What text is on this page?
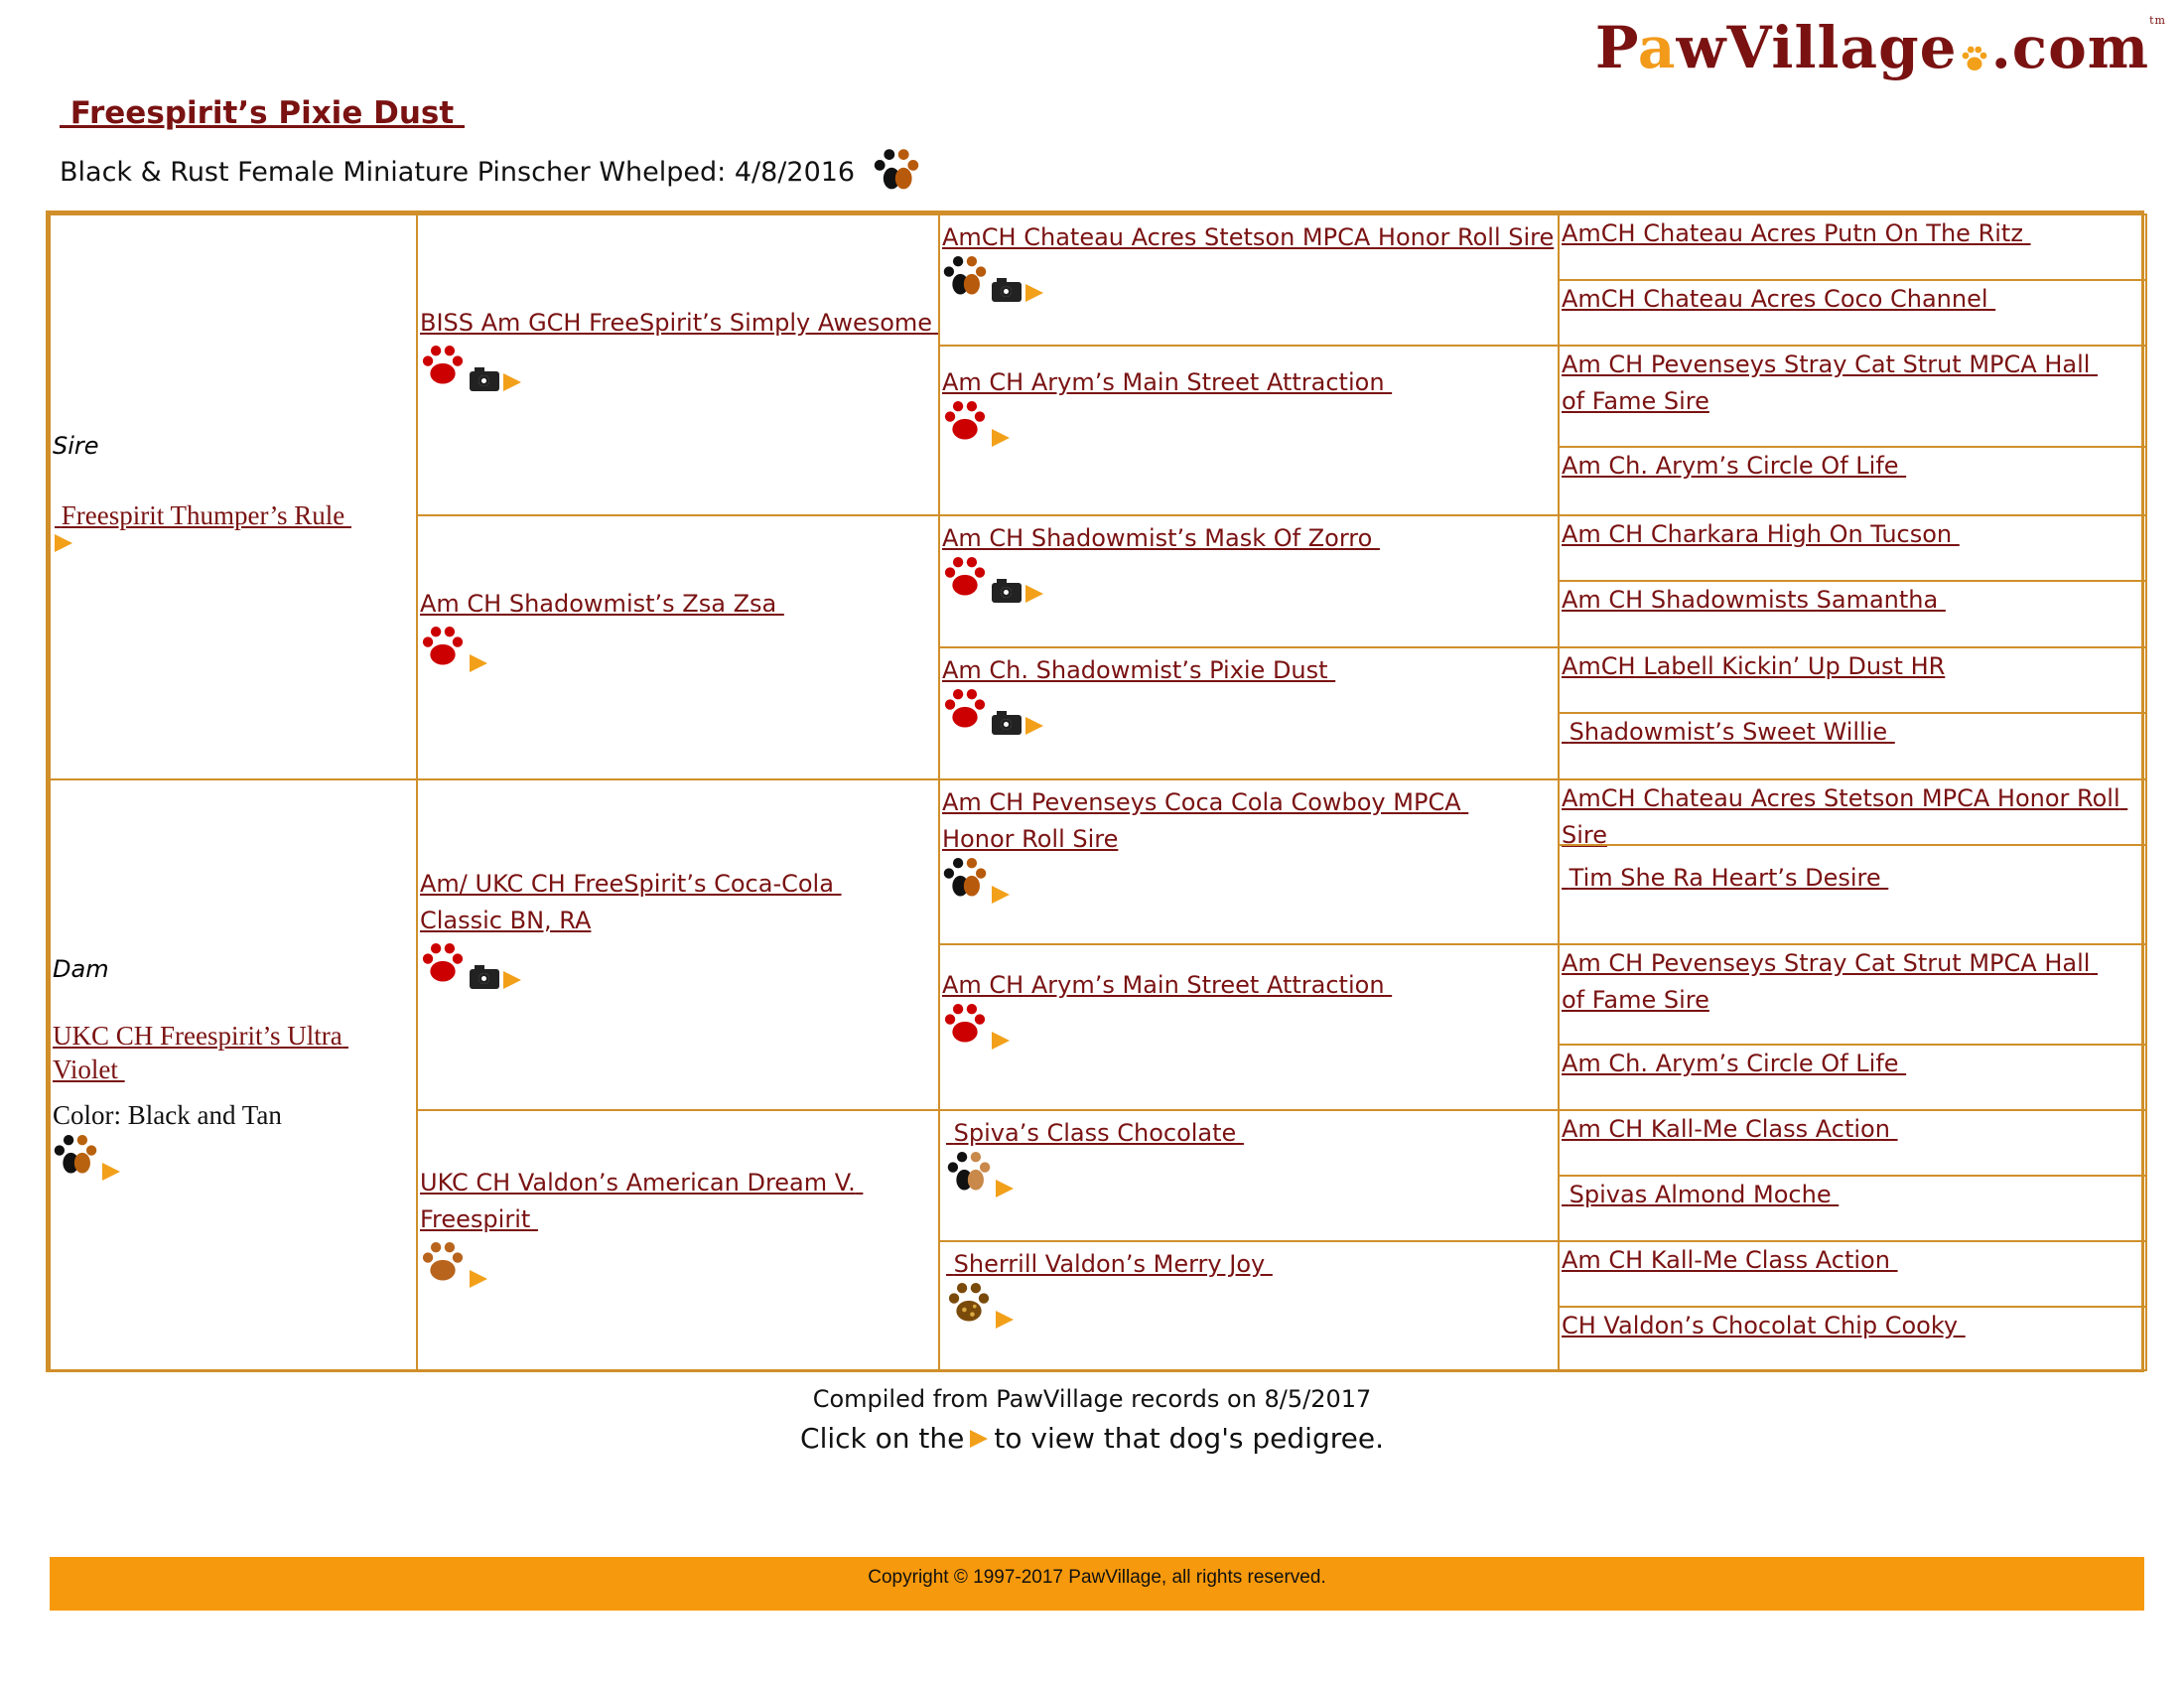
PawVillage .com$^{tm}$
Freespirit’s Pixie Dust
Black & Rust Female Miniature Pinscher Whelped: 4/8/2016
Sire
Freespirit Thumper’s Rule
Dam
UKC CH Freespirit’s Ultra Violet
Color: Black and Tan
BISS Am GCH FreeSpirit’s Simply Awesome
Am CH Shadowmist’s Zsa Zsa
Am/ UKC CH FreeSpirit’s Coca-Cola Classic BN, RA
UKC CH Valdon’s American Dream V. Freespirit
AmCH Chateau Acres Stetson MPCA Honor Roll Sire
Am CH Arym’s Main Street Attraction
Am CH Shadowmist’s Mask Of Zorro
Am Ch. Shadowmist’s Pixie Dust
Am CH Pevenseys Coca Cola Cowboy MPCA Honor Roll Sire
Am CH Arym’s Main Street Attraction
Spiva’s Class Chocolate
Sherrill Valdon’s Merry Joy
AmCH Chateau Acres Putn On The Ritz
AmCH Chateau Acres Coco Channel
Am CH Pevenseys Stray Cat Strut MPCA Hall of Fame Sire
Am Ch. Arym’s Circle Of Life
Am CH Charkara High On Tucson
Am CH Shadowmists Samantha
AmCH Labell Kickin’ Up Dust HR
Shadowmist’s Sweet Willie
AmCH Chateau Acres Stetson MPCA Honor Roll Sire
Tim She Ra Heart’s Desire
Am CH Pevenseys Stray Cat Strut MPCA Hall of Fame Sire
Am Ch. Arym’s Circle Of Life
Am CH Kall-Me Class Action
Spivas Almond Moche
Am CH Kall-Me Class Action
CH Valdon’s Chocolat Chip Cooky
Compiled from PawVillage records on 8/5/2017
Click on the to view that dog's pedigree.
Copyright © 1997-2017 PawVillage, all rights reserved.
